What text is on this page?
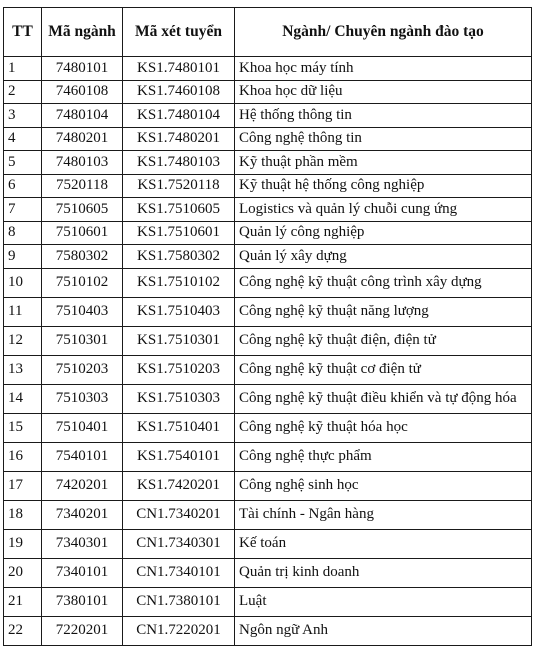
TT	Mã ngành	Mã xét tuyển	Ngành/ Chuyên ngành đào tạo
1	7480101	KS1.7480101	Khoa học máy tính
2	7460108	KS1.7460108	Khoa học dữ liệu
3	7480104	KS1.7480104	Hệ thống thông tin
4	7480201	KS1.7480201	Công nghệ thông tin
5	7480103	KS1.7480103	Kỹ thuật phần mềm
6	7520118	KS1.7520118	Kỹ thuật hệ thống công nghiệp
7	7510605	KS1.7510605	Logistics và quản lý chuỗi cung ứng
8	7510601	KS1.7510601	Quản lý công nghiệp
9	7580302	KS1.7580302	Quản lý xây dựng
10	7510102	KS1.7510102	Công nghệ kỹ thuật công trình xây dựng
11	7510403	KS1.7510403	Công nghệ kỹ thuật năng lượng
12	7510301	KS1.7510301	Công nghệ kỹ thuật điện, điện tử
13	7510203	KS1.7510203	Công nghệ kỹ thuật cơ điện tử
14	7510303	KS1.7510303	Công nghệ kỹ thuật điều khiển và tự động hóa
15	7510401	KS1.7510401	Công nghệ kỹ thuật hóa học
16	7540101	KS1.7540101	Công nghệ thực phẩm
17	7420201	KS1.7420201	Công nghệ sinh học
18	7340201	CN1.7340201	Tài chính - Ngân hàng
19	7340301	CN1.7340301	Kế toán
20	7340101	CN1.7340101	Quản trị kinh doanh
21	7380101	CN1.7380101	Luật
22	7220201	CN1.7220201	Ngôn ngữ Anh
